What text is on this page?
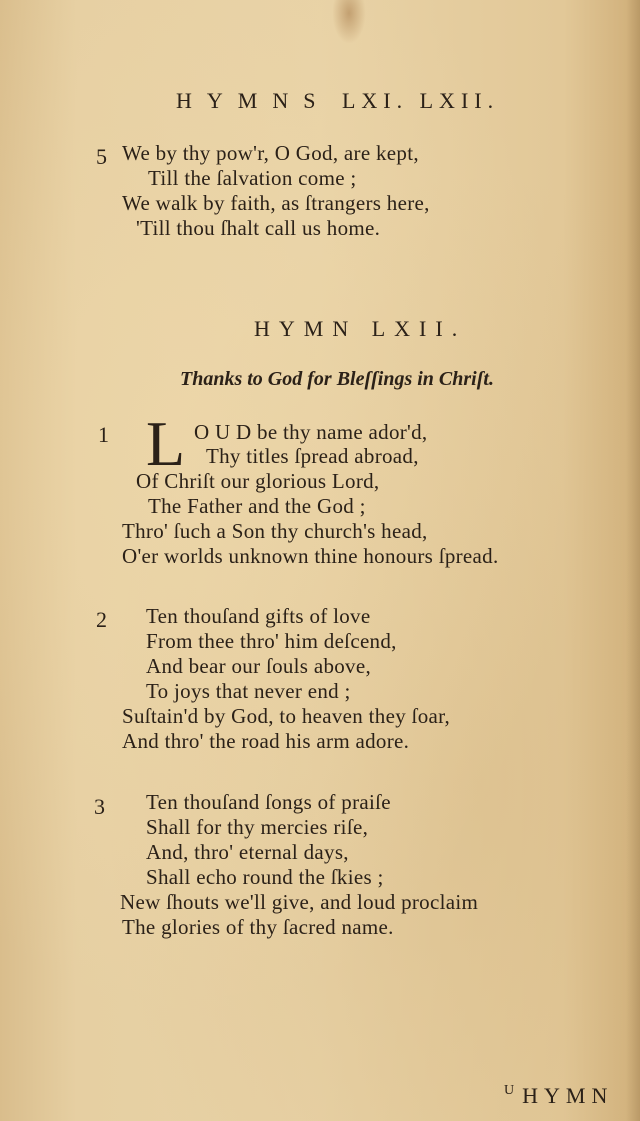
HYMNS LXI. LXII.
5 We by thy pow'r, O God, are kept,
Till the ſalvation come ;
We walk by faith, as ſtrangers here,
'Till thou ſhalt call us home.
HYMN LXII.
Thanks to God for Bleſſings in Chriſt.
1 L O U D be thy name ador'd,
Thy titles ſpread abroad,
Of Chriſt our glorious Lord,
The Father and the God ;
Thro' ſuch a Son thy church's head,
O'er worlds unknown thine honours ſpread.
2 Ten thouſand gifts of love
From thee thro' him deſcend,
And bear our ſouls above,
To joys that never end ;
Suſtain'd by God, to heaven they ſoar,
And thro' the road his arm adore.
3 Ten thouſand ſongs of praiſe
Shall for thy mercies riſe,
And, thro' eternal days,
Shall echo round the ſkies ;
New ſhouts we'll give, and loud proclaim
The glories of thy ſacred name.
$^U$ HYMN
